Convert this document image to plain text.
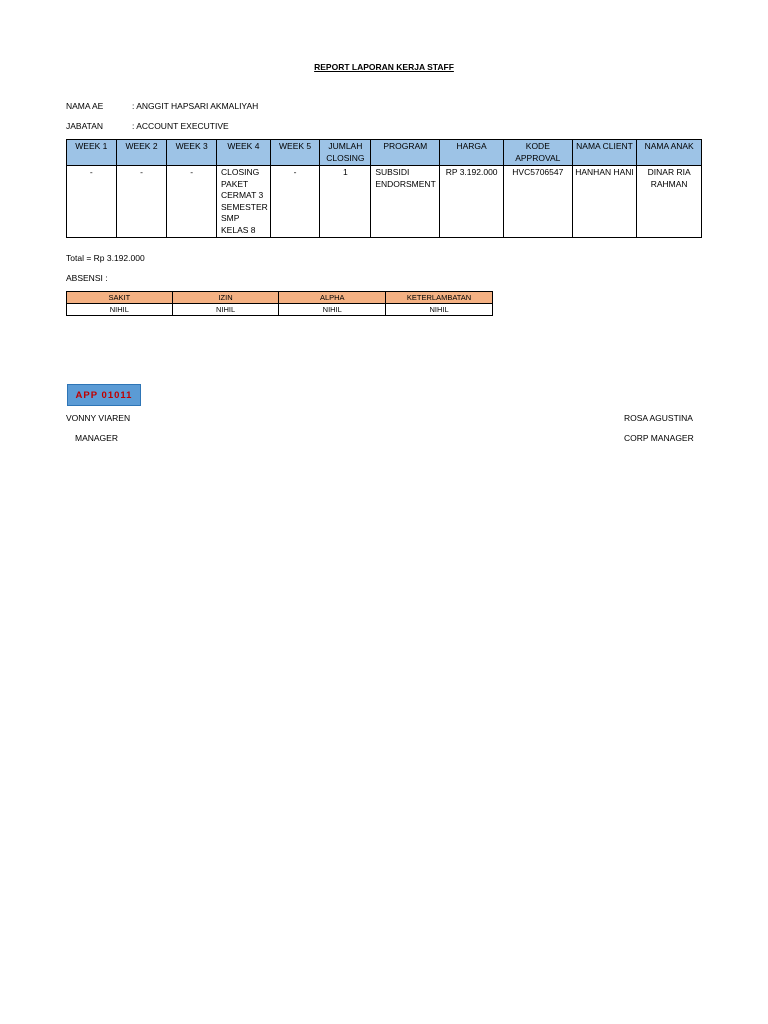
REPORT LAPORAN KERJA STAFF
NAMA AE	: ANGGIT HAPSARI AKMALIYAH
JABATAN	: ACCOUNT EXECUTIVE
WEEK 1	WEEK 2	WEEK 3	WEEK 4	WEEK 5	JUMLAH CLOSING	PROGRAM	HARGA	KODE APPROVAL	NAMA CLIENT	NAMA ANAK
-	-	-	CLOSING PAKET CERMAT 3 SEMESTER SMP KELAS 8	-	1	SUBSIDI ENDORSMENT	RP 3.192.000	HVC5706547	HANHAN HANI	DINAR RIA RAHMAN
Total = Rp 3.192.000
ABSENSI :
SAKIT	IZIN	ALPHA	KETERLAMBATAN
NIHIL	NIHIL	NIHIL	NIHIL
APP 01011
VONNY VIAREN
MANAGER
ROSA AGUSTINA
CORP MANAGER
